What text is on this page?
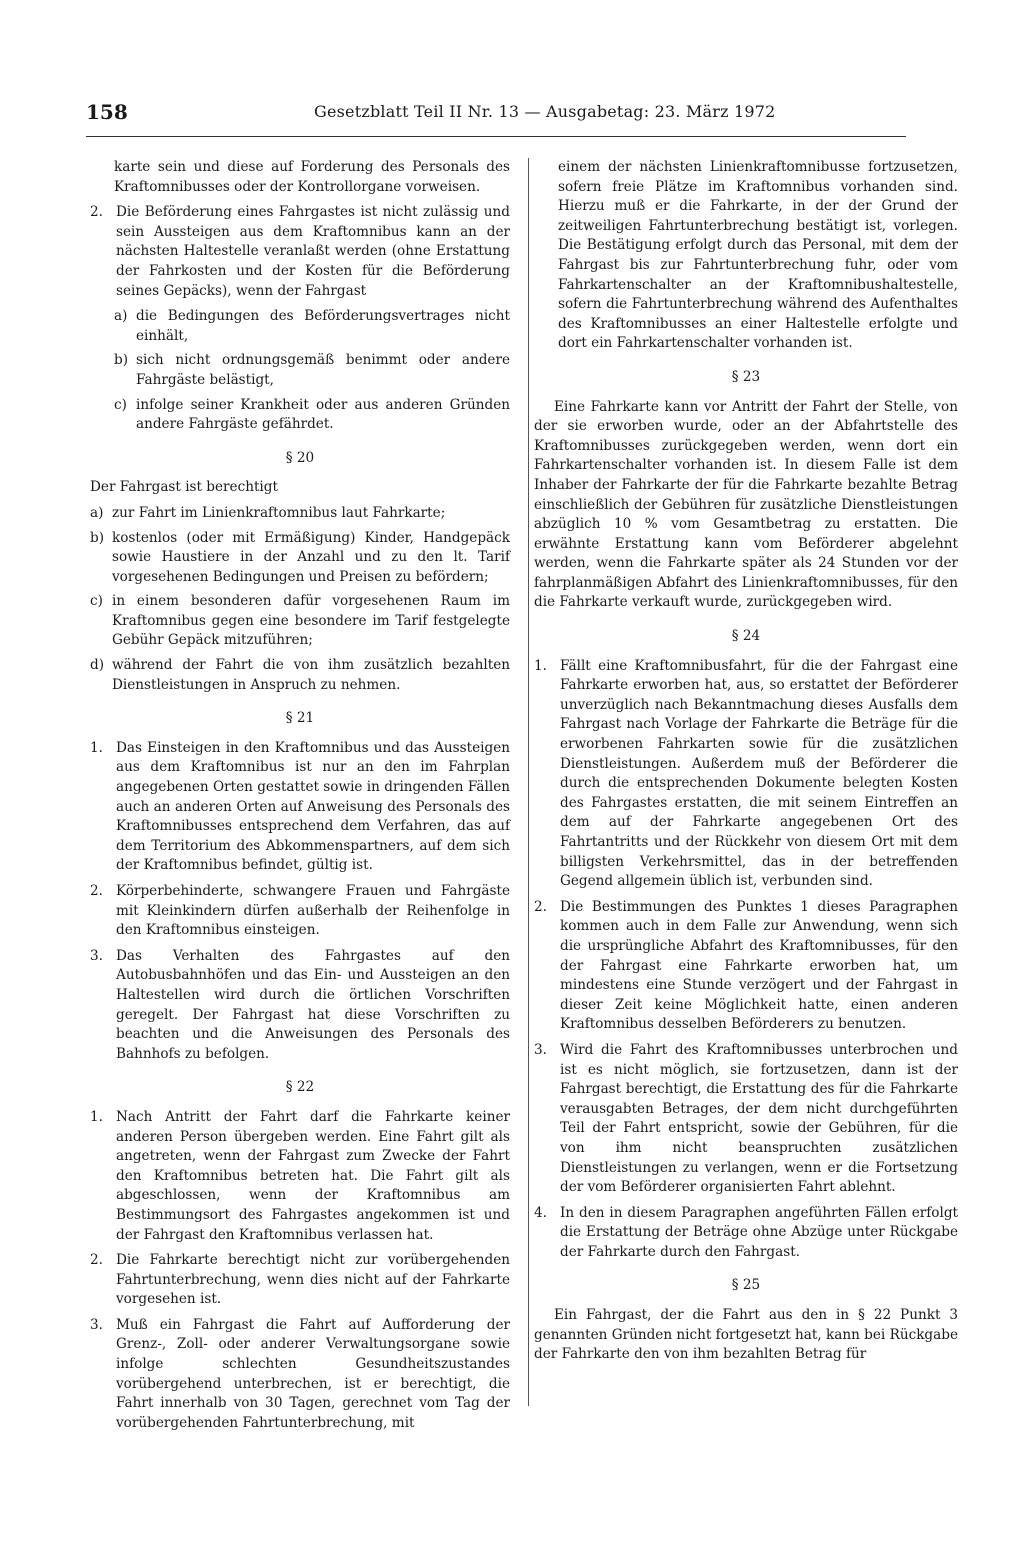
158	Gesetzblatt Teil II Nr. 13 — Ausgabetag: 23. März 1972

karte sein und diese auf Forderung des Personals des Kraftomnibusses oder der Kontrollorgane vorweisen.

2. Die Beförderung eines Fahrgastes ist nicht zulässig und sein Aussteigen aus dem Kraftomnibus kann an der nächsten Haltestelle veranlaßt werden (ohne Erstattung der Fahrkosten und der Kosten für die Beförderung seines Gepäcks), wenn der Fahrgast
a) die Bedingungen des Beförderungsvertrages nicht einhält,
b) sich nicht ordnungsgemäß benimmt oder andere Fahrgäste belästigt,
c) infolge seiner Krankheit oder aus anderen Gründen andere Fahrgäste gefährdet.
§ 20

Der Fahrgast ist berechtigt

a) zur Fahrt im Linienkraftomnibus laut Fahrkarte;
b) kostenlos (oder mit Ermäßigung) Kinder, Handgepäck sowie Haustiere in der Anzahl und zu den lt. Tarif vorgesehenen Bedingungen und Preisen zu befördern;
c) in einem besonderen dafür vorgesehenen Raum im Kraftomnibus gegen eine besondere im Tarif festgelegte Gebühr Gepäck mitzuführen;
d) während der Fahrt die von ihm zusätzlich bezahlten Dienstleistungen in Anspruch zu nehmen.
§ 21
1. Das Einsteigen in den Kraftomnibus und das Aussteigen aus dem Kraftomnibus ist nur an den im Fahrplan angegebenen Orten gestattet sowie in dringenden Fällen auch an anderen Orten auf Anweisung des Personals des Kraftomnibusses entsprechend dem Verfahren, das auf dem Territorium des Abkommenspartners, auf dem sich der Kraftomnibus befindet, gültig ist.
2. Körperbehinderte, schwangere Frauen und Fahrgäste mit Kleinkindern dürfen außerhalb der Reihenfolge in den Kraftomnibus einsteigen.
3. Das Verhalten des Fahrgastes auf den Autobusbahnhöfen und das Ein- und Aussteigen an den Haltestellen wird durch die örtlichen Vorschriften geregelt. Der Fahrgast hat diese Vorschriften zu beachten und die Anweisungen des Personals des Bahnhofs zu befolgen.
§ 22
1. Nach Antritt der Fahrt darf die Fahrkarte keiner anderen Person übergeben werden. Eine Fahrt gilt als angetreten, wenn der Fahrgast zum Zwecke der Fahrt den Kraftomnibus betreten hat. Die Fahrt gilt als abgeschlossen, wenn der Kraftomnibus am Bestimmungsort des Fahrgastes angekommen ist und der Fahrgast den Kraftomnibus verlassen hat.
2. Die Fahrkarte berechtigt nicht zur vorübergehenden Fahrtunterbrechung, wenn dies nicht auf der Fahrkarte vorgesehen ist.
3. Muß ein Fahrgast die Fahrt auf Aufforderung der Grenz-, Zoll- oder anderer Verwaltungsorgane sowie infolge schlechten Gesundheitszustandes vorübergehend unterbrechen, ist er berechtigt, die Fahrt innerhalb von 30 Tagen, gerechnet vom Tag der vorübergehenden Fahrtunterbrechung, mit

einem der nächsten Linienkraftomnibusse fortzusetzen, sofern freie Plätze im Kraftomnibus vorhanden sind. Hierzu muß er die Fahrkarte, in der der Grund der zeitweiligen Fahrtunterbrechung bestätigt ist, vorlegen. Die Bestätigung erfolgt durch das Personal, mit dem der Fahrgast bis zur Fahrtunterbrechung fuhr, oder vom Fahrkartenschalter an der Kraftomnibushaltestelle, sofern die Fahrtunterbrechung während des Aufenthaltes des Kraftomnibusses an einer Haltestelle erfolgte und dort ein Fahrkartenschalter vorhanden ist.

§ 23

Eine Fahrkarte kann vor Antritt der Fahrt der Stelle, von der sie erworben wurde, oder an der Abfahrtstelle des Kraftomnibusses zurückgegeben werden, wenn dort ein Fahrkartenschalter vorhanden ist. In diesem Falle ist dem Inhaber der Fahrkarte der für die Fahrkarte bezahlte Betrag einschließlich der Gebühren für zusätzliche Dienstleistungen abzüglich 10 % vom Gesamtbetrag zu erstatten. Die erwähnte Erstattung kann vom Beförderer abgelehnt werden, wenn die Fahrkarte später als 24 Stunden vor der fahrplanmäßigen Abfahrt des Linienkraftomnibusses, für den die Fahrkarte verkauft wurde, zurückgegeben wird.

§ 24
1. Fällt eine Kraftomnibusfahrt, für die der Fahrgast eine Fahrkarte erworben hat, aus, so erstattet der Beförderer unverzüglich nach Bekanntmachung dieses Ausfalls dem Fahrgast nach Vorlage der Fahrkarte die Beträge für die erworbenen Fahrkarten sowie für die zusätzlichen Dienstleistungen. Außerdem muß der Beförderer die durch die entsprechenden Dokumente belegten Kosten des Fahrgastes erstatten, die mit seinem Eintreffen an dem auf der Fahrkarte angegebenen Ort des Fahrtantritts und der Rückkehr von diesem Ort mit dem billigsten Verkehrsmittel, das in der betreffenden Gegend allgemein üblich ist, verbunden sind.
2. Die Bestimmungen des Punktes 1 dieses Paragraphen kommen auch in dem Falle zur Anwendung, wenn sich die ursprüngliche Abfahrt des Kraftomnibusses, für den der Fahrgast eine Fahrkarte erworben hat, um mindestens eine Stunde verzögert und der Fahrgast in dieser Zeit keine Möglichkeit hatte, einen anderen Kraftomnibus desselben Beförderers zu benutzen.
3. Wird die Fahrt des Kraftomnibusses unterbrochen und ist es nicht möglich, sie fortzusetzen, dann ist der Fahrgast berechtigt, die Erstattung des für die Fahrkarte verausgabten Betrages, der dem nicht durchgeführten Teil der Fahrt entspricht, sowie der Gebühren, für die von ihm nicht beanspruchten zusätzlichen Dienstleistungen zu verlangen, wenn er die Fortsetzung der vom Beförderer organisierten Fahrt ablehnt.
4. In den in diesem Paragraphen angeführten Fällen erfolgt die Erstattung der Beträge ohne Abzüge unter Rückgabe der Fahrkarte durch den Fahrgast.
§ 25

Ein Fahrgast, der die Fahrt aus den in § 22 Punkt 3 genannten Gründen nicht fortgesetzt hat, kann bei Rückgabe der Fahrkarte den von ihm bezahlten Betrag für
